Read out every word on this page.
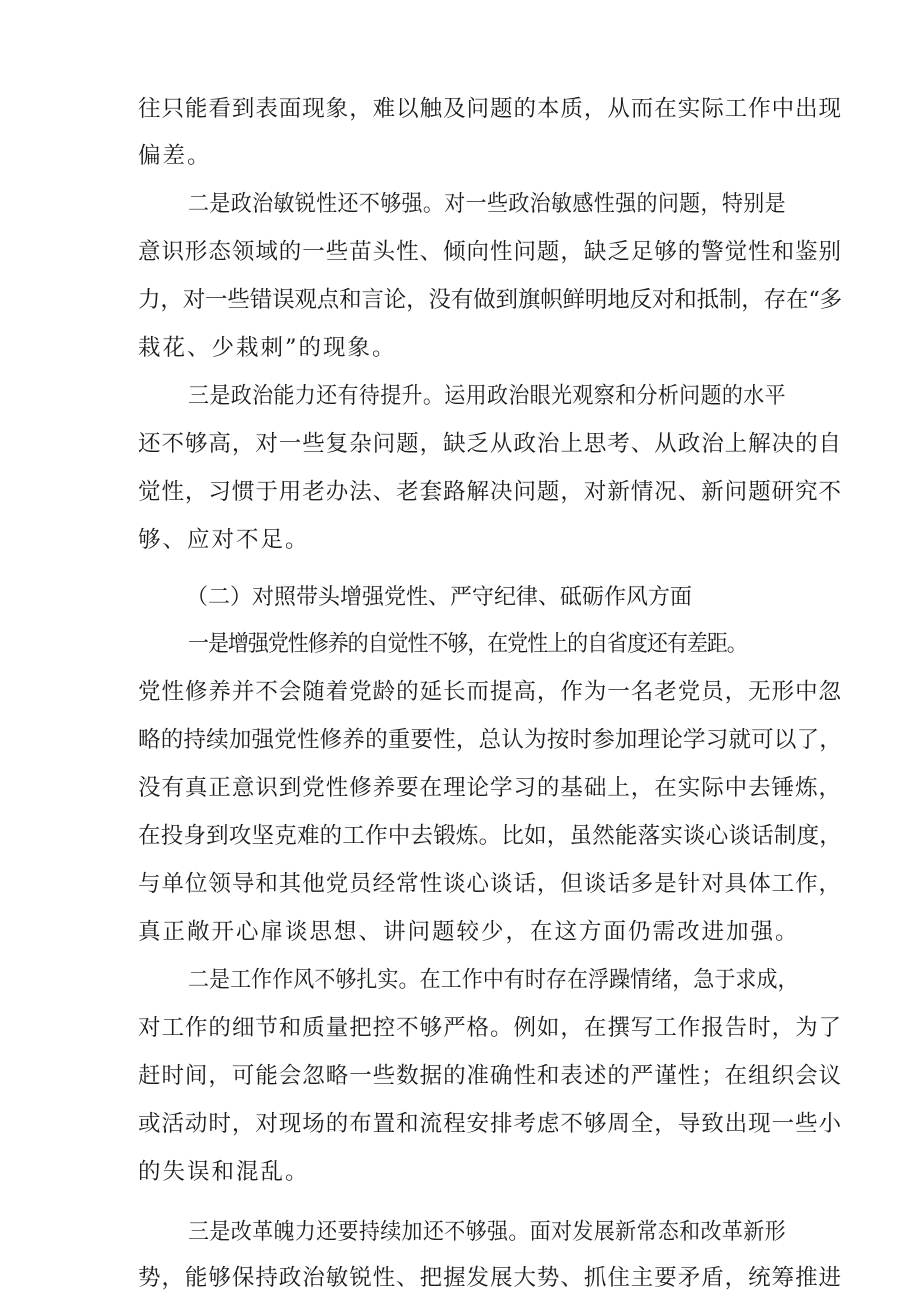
往只能看到表面现象，难以触及问题的本质，从而在实际工作中出现
偏差。
二是政治敏锐性还不够强。对一些政治敏感性强的问题，特别是
意识形态领域的一些苗头性、倾向性问题，缺乏足够的警觉性和鉴别
力，对一些错误观点和言论，没有做到旗帜鲜明地反对和抵制，存在“多
栽花、少栽刺”的现象。
三是政治能力还有待提升。运用政治眼光观察和分析问题的水平
还不够高，对一些复杂问题，缺乏从政治上思考、从政治上解决的自
觉性，习惯于用老办法、老套路解决问题，对新情况、新问题研究不
够、应对不足。
（二）对照带头增强党性、严守纪律、砥砺作风方面
一是增强党性修养的自觉性不够，在党性上的自省度还有差距。
党性修养并不会随着党龄的延长而提高，作为一名老党员，无形中忽
略的持续加强党性修养的重要性，总认为按时参加理论学习就可以了，
没有真正意识到党性修养要在理论学习的基础上，在实际中去锤炼，
在投身到攻坚克难的工作中去锻炼。比如，虽然能落实谈心谈话制度，
与单位领导和其他党员经常性谈心谈话，但谈话多是针对具体工作，
真正敞开心扉谈思想、讲问题较少，在这方面仍需改进加强。
二是工作作风不够扎实。在工作中有时存在浮躁情绪，急于求成，
对工作的细节和质量把控不够严格。例如，在撰写工作报告时，为了
赶时间，可能会忽略一些数据的准确性和表述的严谨性；在组织会议
或活动时，对现场的布置和流程安排考虑不够周全，导致出现一些小
的失误和混乱。
三是改革魄力还要持续加还不够强。面对发展新常态和改革新形
势，能够保持政治敏锐性、把握发展大势、抓住主要矛盾，统筹推进
